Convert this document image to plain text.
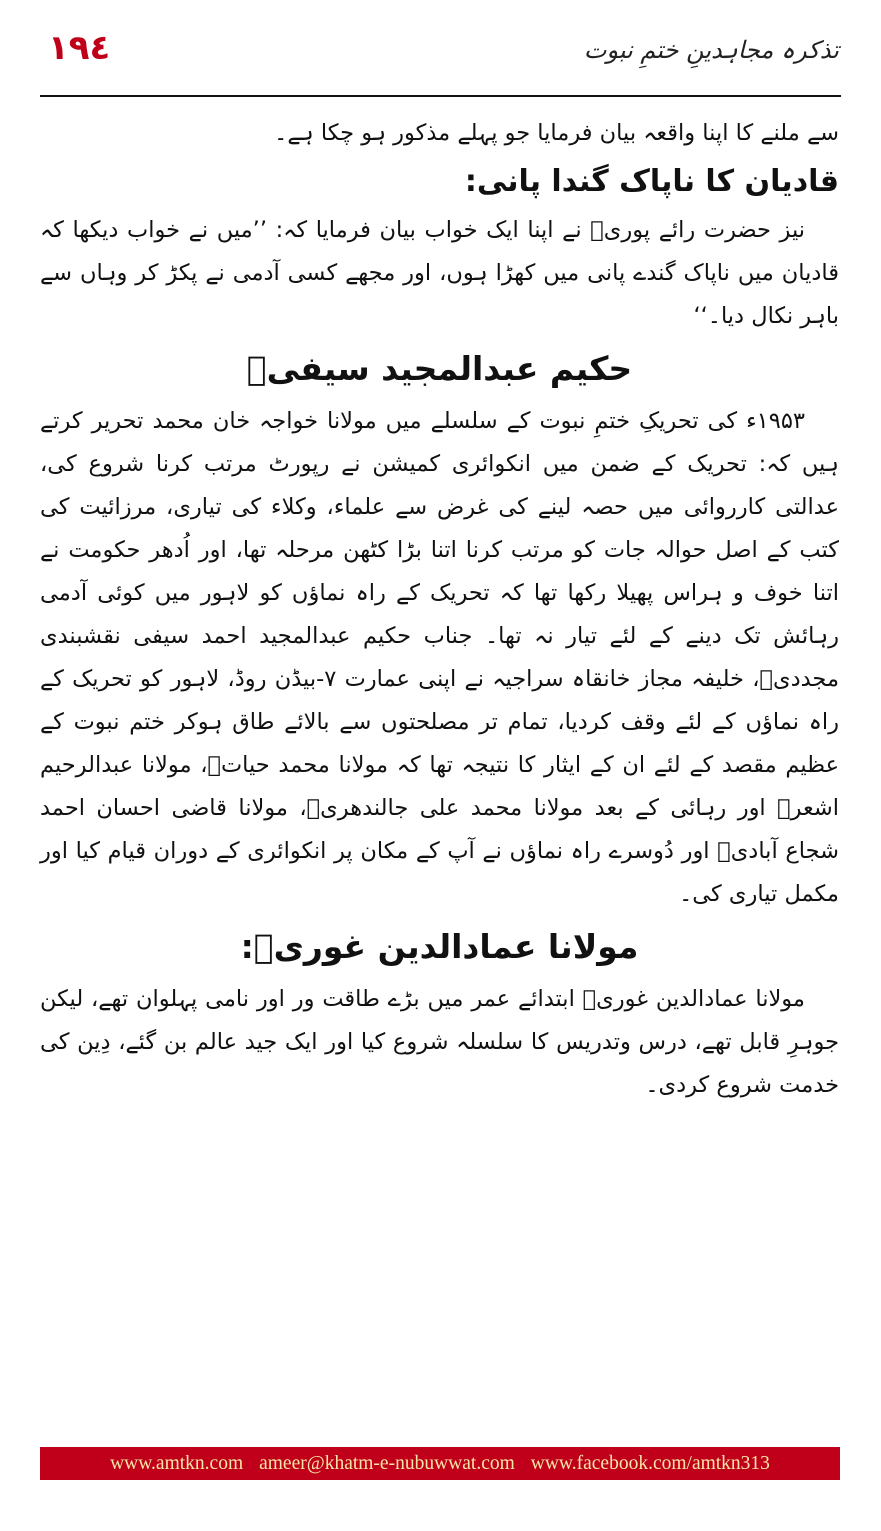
١٩٤	تذکرہ مجاہدینِ ختمِ نبوت

سے ملنے کا اپنا واقعہ بیان فرمایا جو پہلے مذکور ہو چکا ہے۔

قادیان کا ناپاک گندا پانی:

نیز حضرت رائے پوریؒ نے اپنا ایک خواب بیان فرمایا کہ: ’’میں نے خواب دیکھا کہ قادیان میں ناپاک گندے پانی میں کھڑا ہوں، اور مجھے کسی آدمی نے پکڑ کر وہاں سے باہر نکال دیا۔‘‘

حکیم عبدالمجید سیفیؒ

۱۹۵۳ء کی تحریکِ ختمِ نبوت کے سلسلے میں مولانا خواجہ خان محمد تحریر کرتے ہیں کہ: تحریک کے ضمن میں انکوائری کمیشن نے رپورٹ مرتب کرنا شروع کی، عدالتی کارروائی میں حصہ لینے کی غرض سے علماء، وکلاء کی تیاری، مرزائیت کی کتب کے اصل حوالہ جات کو مرتب کرنا اتنا بڑا کٹھن مرحلہ تھا، اور اُدھر حکومت نے اتنا خوف و ہراس پھیلا رکھا تھا کہ تحریک کے راہ نماؤں کو لاہور میں کوئی آدمی رہائش تک دینے کے لئے تیار نہ تھا۔ جناب حکیم عبدالمجید احمد سیفی نقشبندی مجددیؒ، خلیفہ مجاز خانقاہ سراجیہ نے اپنی عمارت ۷-بیڈن روڈ، لاہور کو تحریک کے راہ نماؤں کے لئے وقف کردیا، تمام تر مصلحتوں سے بالائے طاق ہوکر ختم نبوت کے عظیم مقصد کے لئے ان کے ایثار کا نتیجہ تھا کہ مولانا محمد حیاتؒ، مولانا عبدالرحیم اشعرؒ اور رہائی کے بعد مولانا محمد علی جالندھریؒ، مولانا قاضی احسان احمد شجاع آبادیؒ اور دُوسرے راہ نماؤں نے آپ کے مکان پر انکوائری کے دوران قیام کیا اور مکمل تیاری کی۔

مولانا عمادالدین غوریؒ:

مولانا عمادالدین غوریؒ ابتدائے عمر میں بڑے طاقت ور اور نامی پہلوان تھے، لیکن جوہرِ قابل تھے، درس وتدریس کا سلسلہ شروع کیا اور ایک جید عالم بن گئے، دِین کی خدمت شروع کردی۔

www.amtkn.com ameer@khatm-e-nubuwwat.com www.facebook.com/amtkn313
